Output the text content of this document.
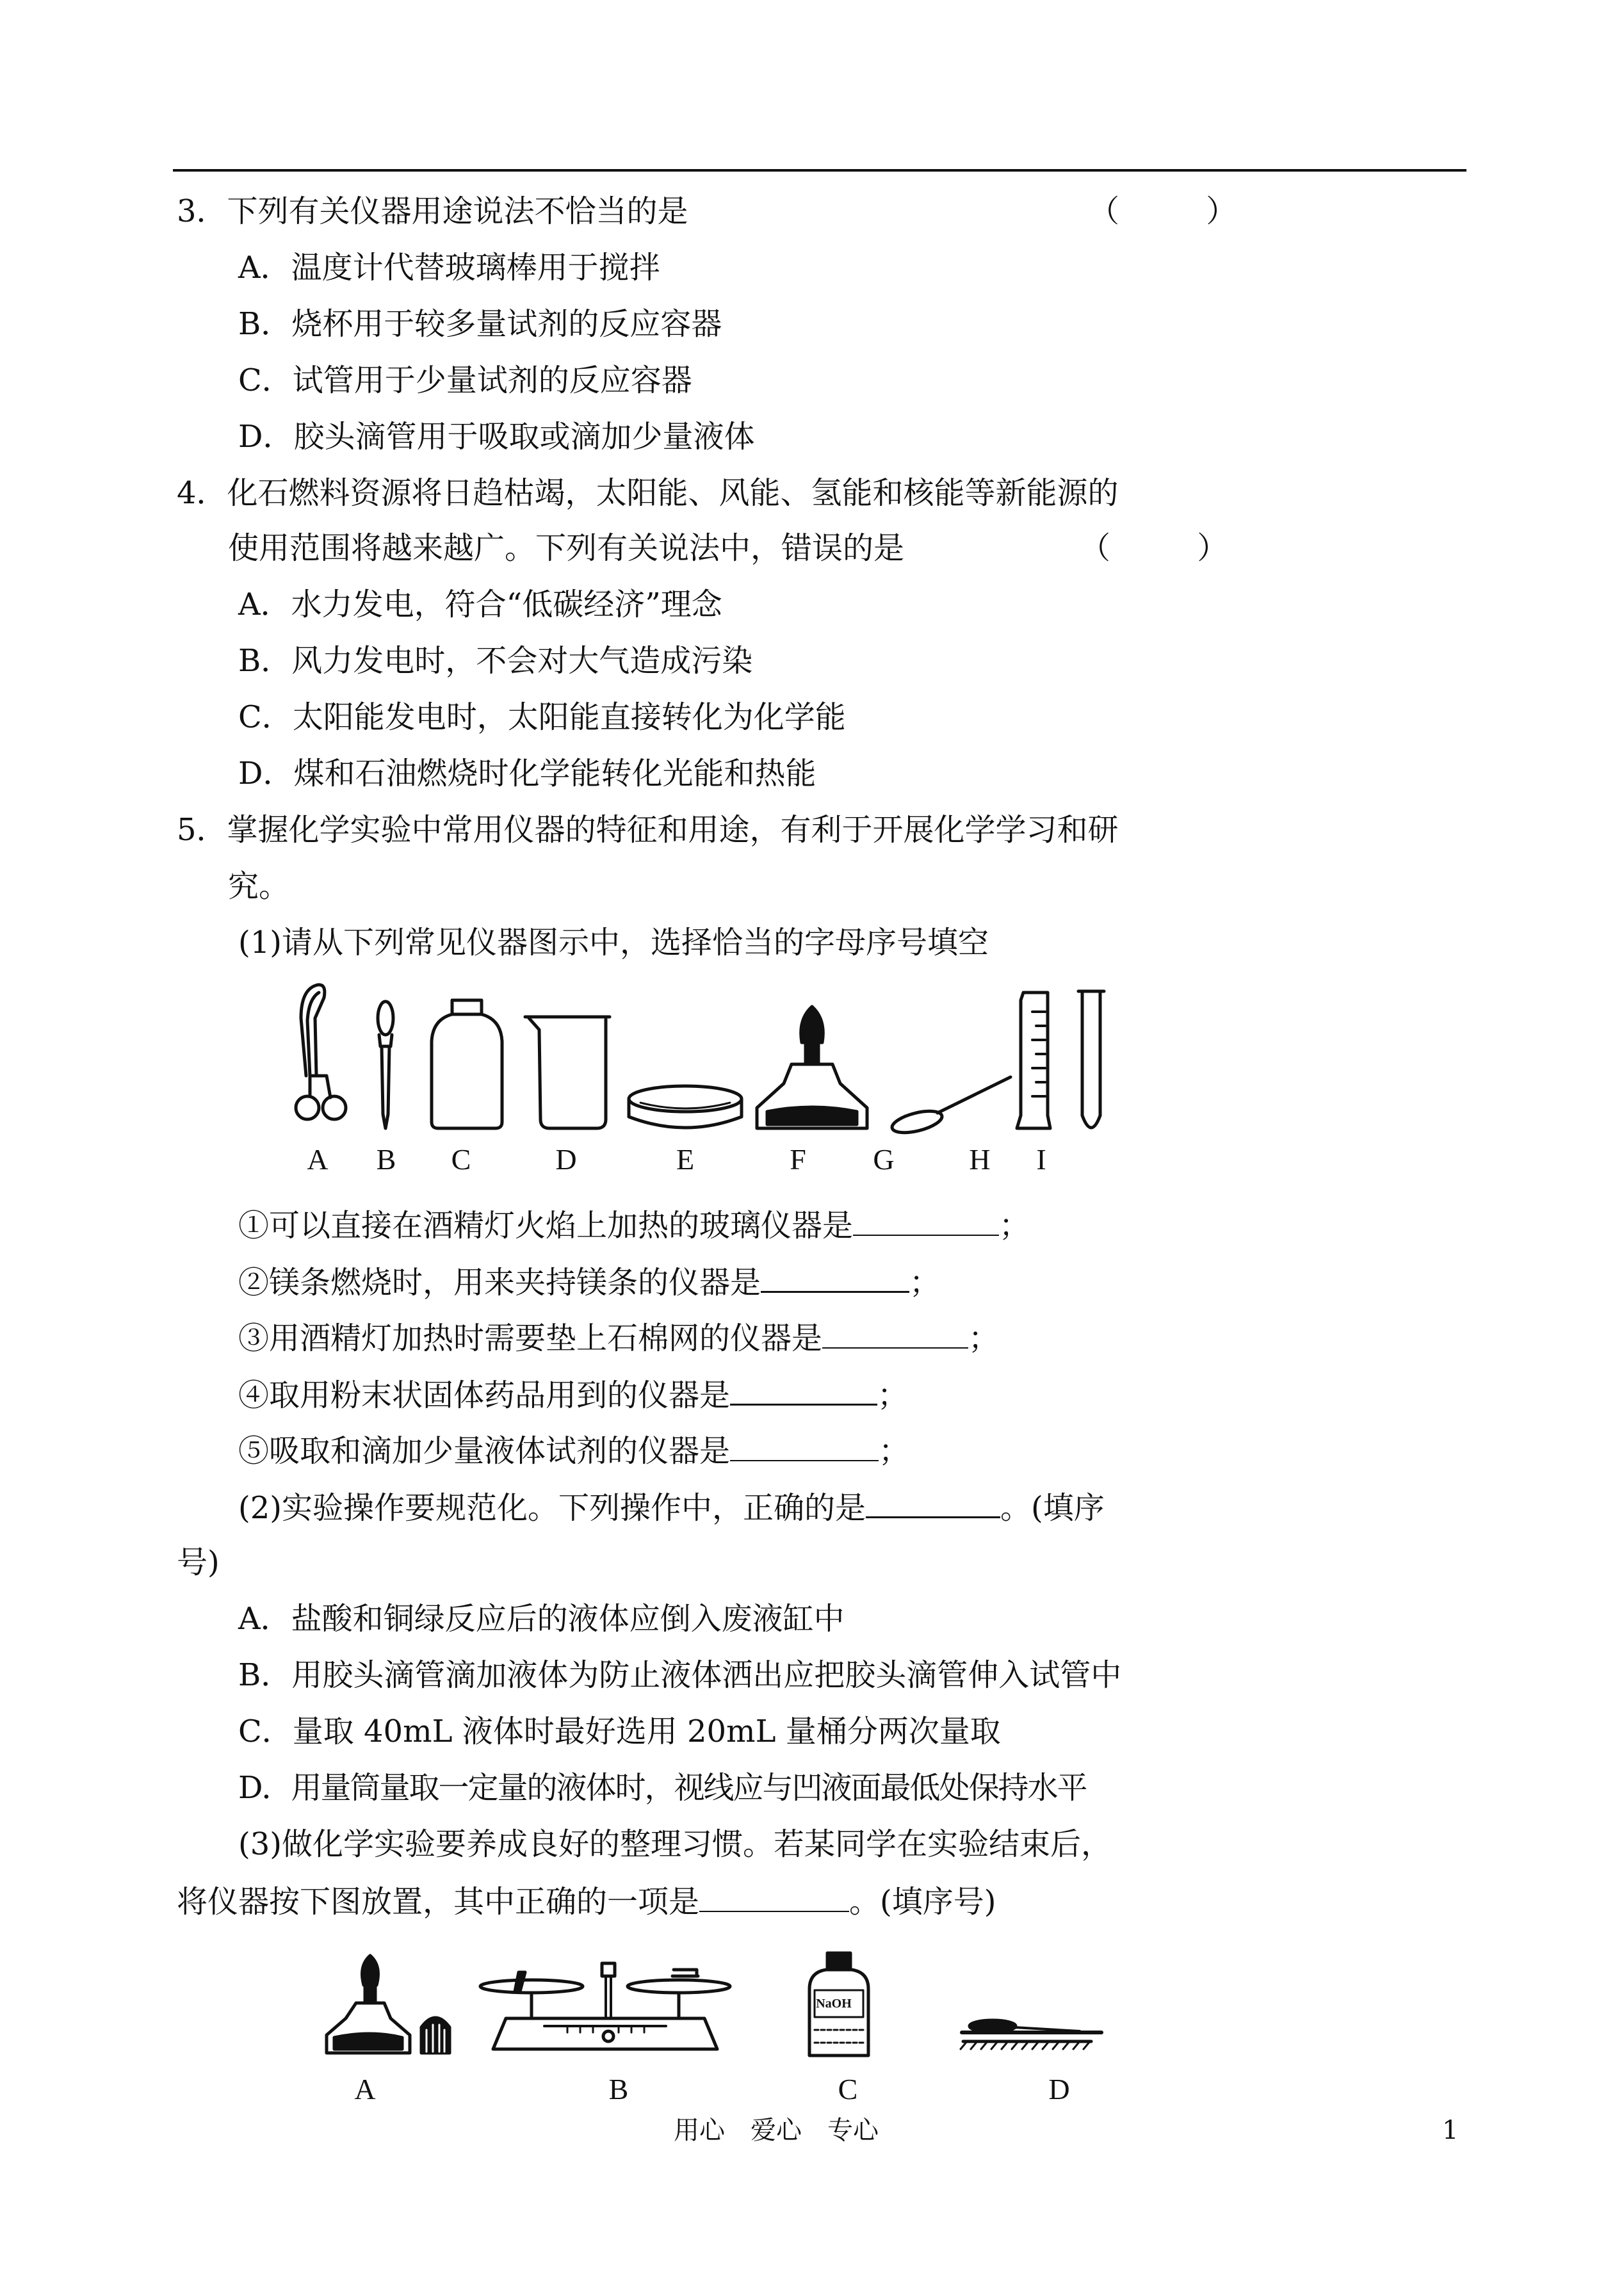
3．下列有关仪器用途说法不恰当的是	（ ）
A．温度计代替玻璃棒用于搅拌
B．烧杯用于较多量试剂的反应容器
C．试管用于少量试剂的反应容器
D．胶头滴管用于吸取或滴加少量液体
4．化石燃料资源将日趋枯竭，太阳能、风能、氢能和核能等新能源的
使用范围将越来越广。下列有关说法中，错误的是	（ ）
A．水力发电，符合“低碳经济”理念
B．风力发电时，不会对大气造成污染
C．太阳能发电时，太阳能直接转化为化学能
D．煤和石油燃烧时化学能转化光能和热能
5．掌握化学实验中常用仪器的特征和用途，有利于开展化学学习和研
究。
(1)请从下列常见仪器图示中，选择恰当的字母序号填空
A	B	C	D	E	F	G	H	I
①可以直接在酒精灯火焰上加热的玻璃仪器是	；
②镁条燃烧时，用来夹持镁条的仪器是	；
③用酒精灯加热时需要垫上石棉网的仪器是	；
④取用粉末状固体药品用到的仪器是	；
⑤吸取和滴加少量液体试剂的仪器是	；
(2)实验操作要规范化。下列操作中，正确的是	。(填序
号)
A．盐酸和铜绿反应后的液体应倒入废液缸中
B．用胶头滴管滴加液体为防止液体洒出应把胶头滴管伸入试管中
C．量取 40mL 液体时最好选用 20mL 量桶分两次量取
D．用量筒量取一定量的液体时，视线应与凹液面最低处保持水平
(3)做化学实验要养成良好的整理习惯。若某同学在实验结束后，
将仪器按下图放置，其中正确的一项是	。(填序号)
A	B	C	D
NaOH
用心　爱心　专心	1
